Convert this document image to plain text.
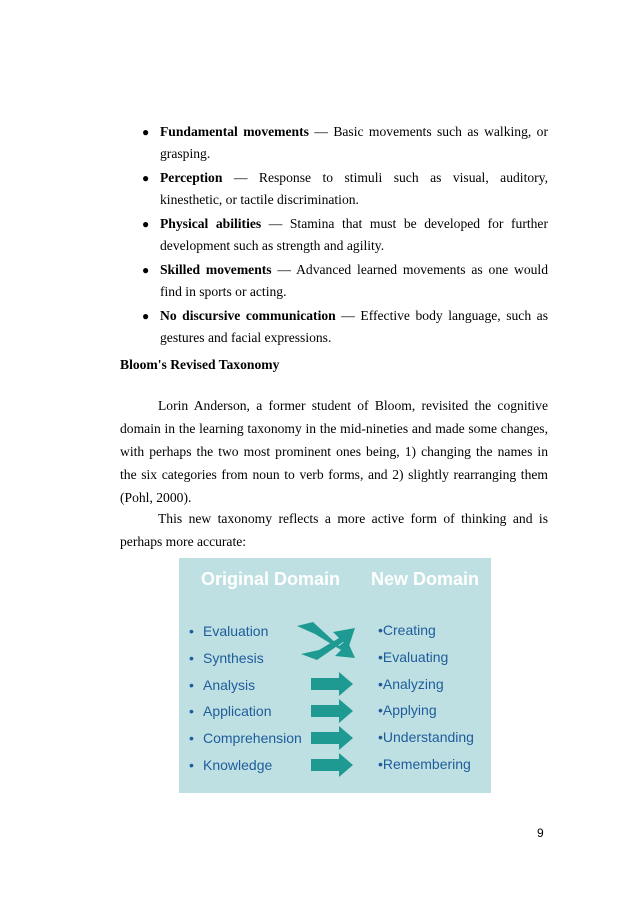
● Fundamental movements — Basic movements such as walking, or grasping.
● Perception — Response to stimuli such as visual, auditory, kinesthetic, or tactile discrimination.
● Physical abilities — Stamina that must be developed for further development such as strength and agility.
● Skilled movements — Advanced learned movements as one would find in sports or acting.
● No discursive communication — Effective body language, such as gestures and facial expressions.
Bloom's Revised Taxonomy

Lorin Anderson, a former student of Bloom, revisited the cognitive domain in the learning taxonomy in the mid-nineties and made some changes, with perhaps the two most prominent ones being, 1) changing the names in the six categories from noun to verb forms, and 2) slightly rearranging them (Pohl, 2000).

This new taxonomy reflects a more active form of thinking and is perhaps more accurate:

Original Domain New Domain
• Evaluation
• Synthesis
• Analysis
• Application
• Comprehension
• Knowledge
•Creating
•Evaluating
•Analyzing
•Applying
•Understanding
•Remembering
9
